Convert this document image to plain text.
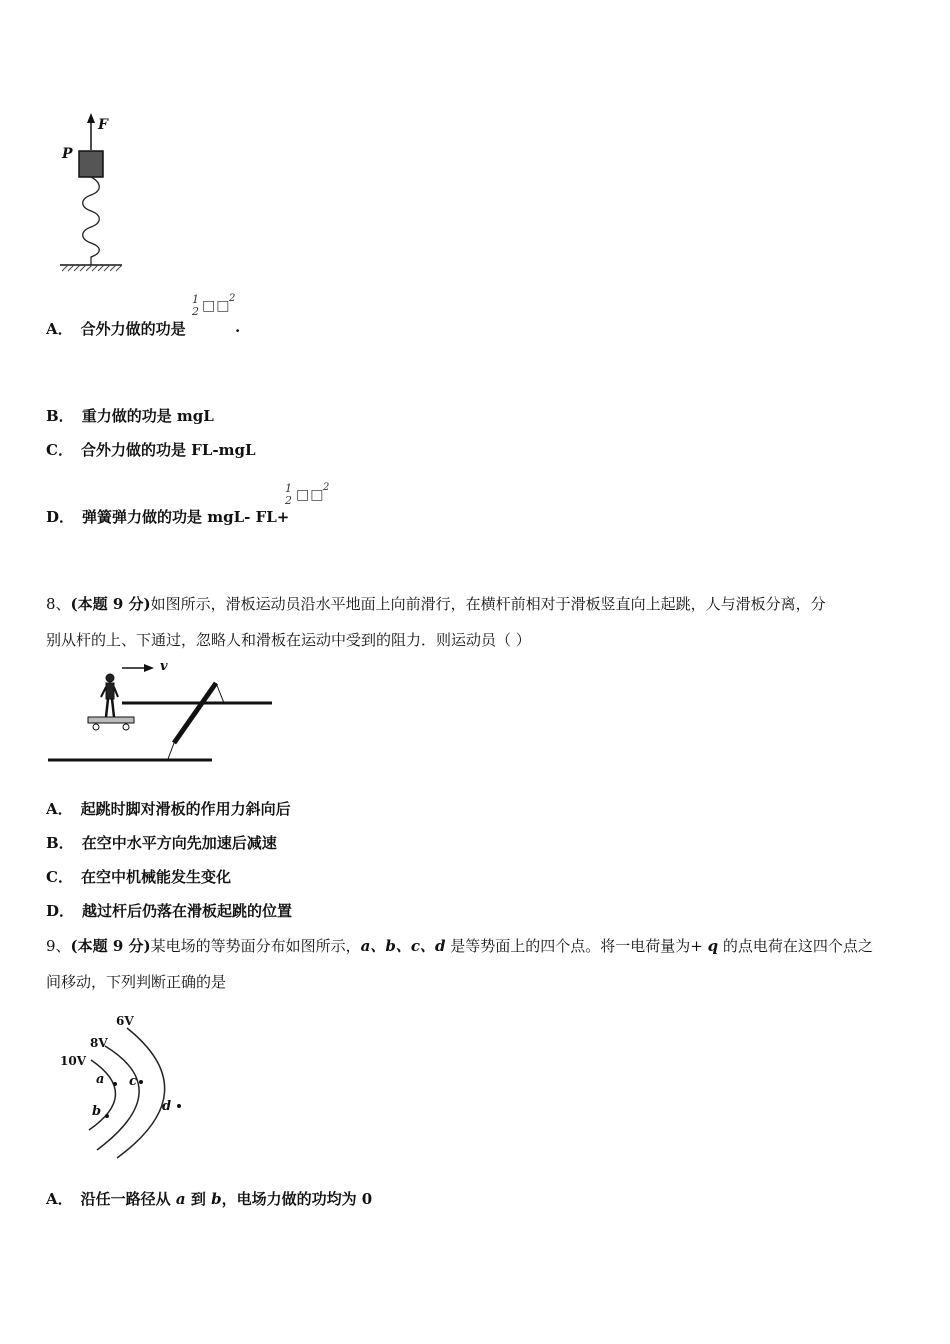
F
P
A． 合外力做的功是
1
2 □□
2
.
B． 重力做的功是 mgL
C． 合外力做的功是 FL-mgL
D． 弹簧弹力做的功是 mgL- FL+
1
2 □□
2
8、(本题 9 分)如图所示，滑板运动员沿水平地面上向前滑行，在横杆前相对于滑板竖直向上起跳，人与滑板分离，分
别从杆的上、下通过，忽略人和滑板在运动中受到的阻力．则运动员（ ）
v
A． 起跳时脚对滑板的作用力斜向后
B． 在空中水平方向先加速后减速
C． 在空中机械能发生变化
D． 越过杆后仍落在滑板起跳的位置
9、(本题 9 分)某电场的等势面分布如图所示，a、b、c、d 是等势面上的四个点。将一电荷量为+ q 的点电荷在这四个点之
间移动，下列判断正确的是
10V
8V
6V
a
b
c
d
A． 沿任一路径从 a 到 b，电场力做的功均为 0
